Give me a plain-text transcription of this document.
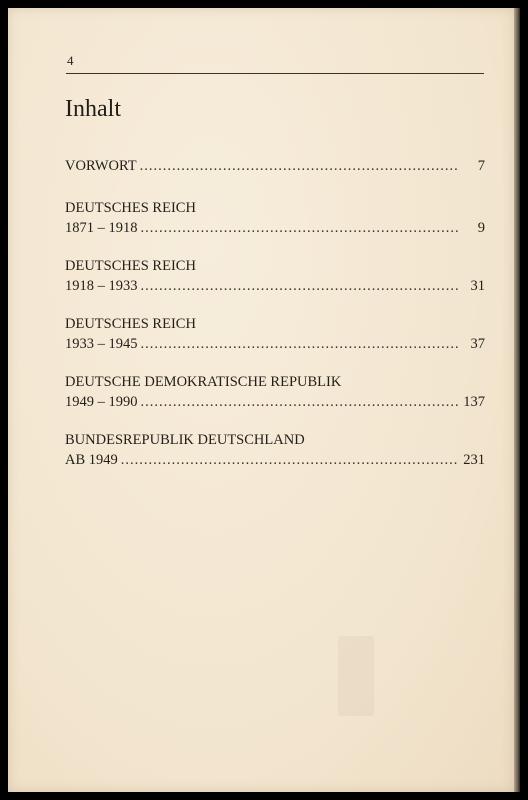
4
Inhalt
VORWORT .....	7
DEUTSCHES REICH
1871 – 1918 .....	9
DEUTSCHES REICH
1918 – 1933 .....	31
DEUTSCHES REICH
1933 – 1945 .....	37
DEUTSCHE DEMOKRATISCHE REPUBLIK
1949 – 1990 .....	137
BUNDESREPUBLIK DEUTSCHLAND
AB 1949 .....	231
